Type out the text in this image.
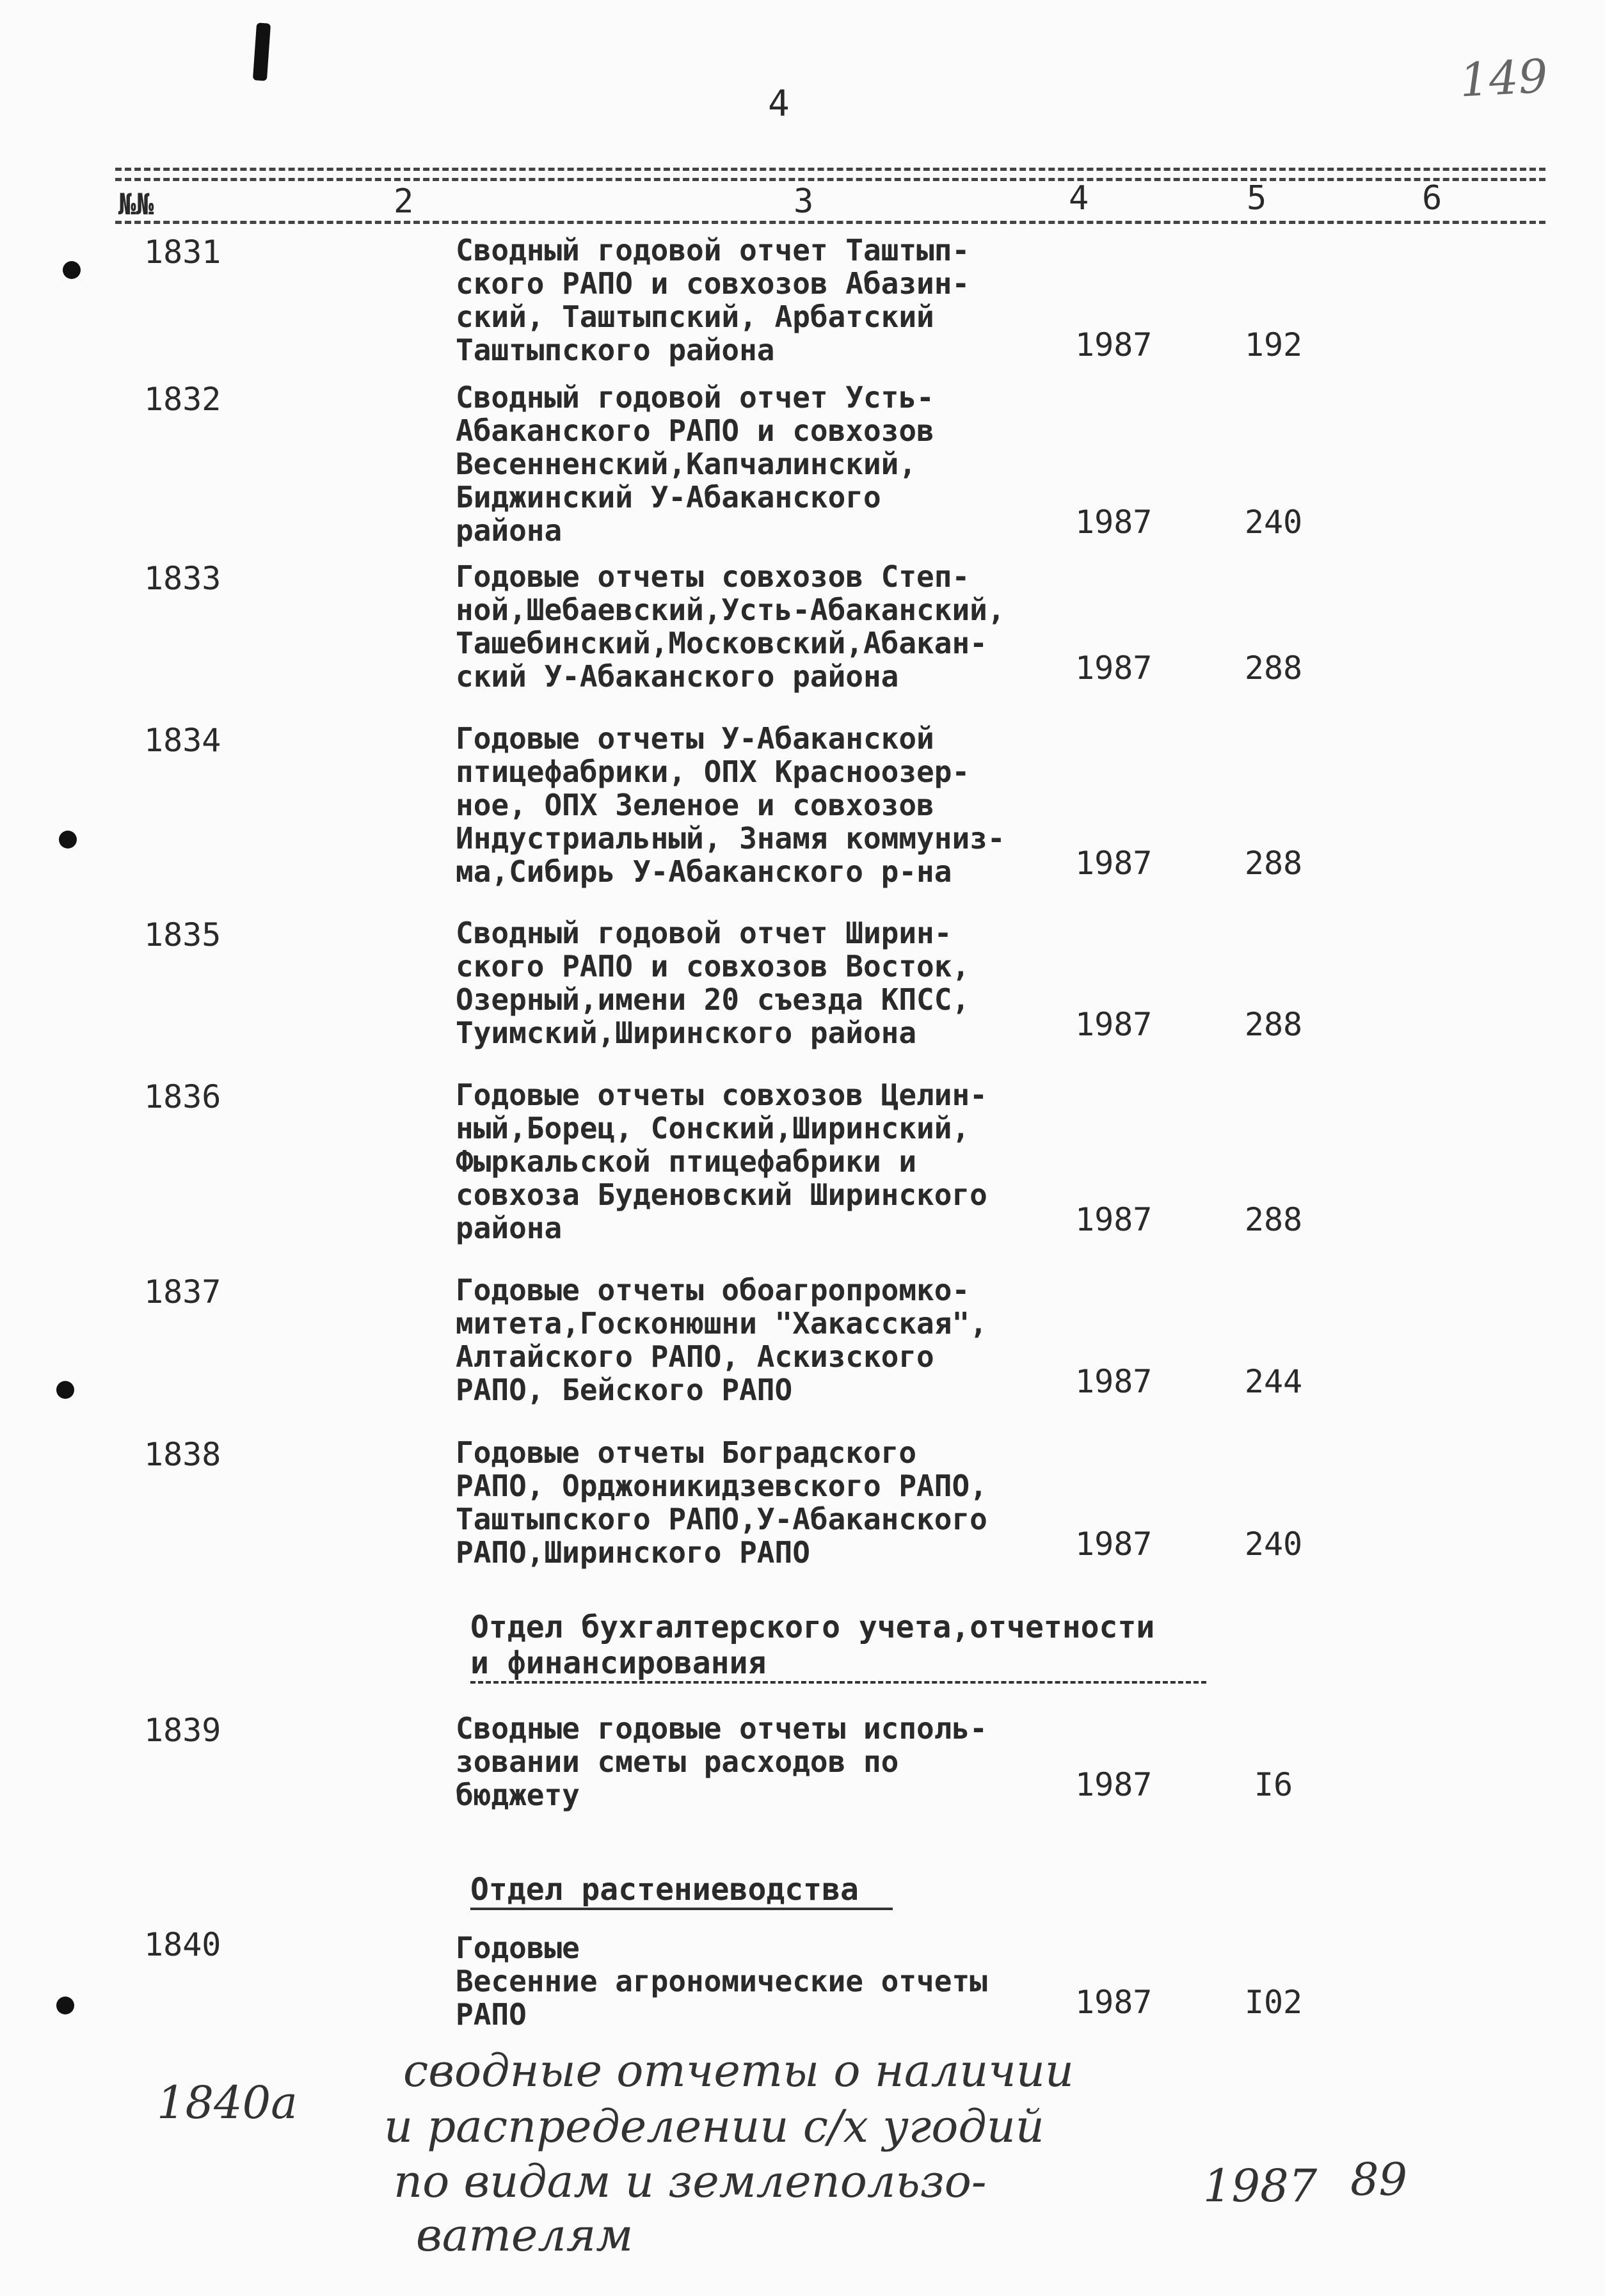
4	149
№№	2	3	4	5	6
1831	Сводный годовой отчет Таштып-
ского РАПО и совхозов Абазин-
ский, Таштыпский, Арбатский
Таштыпского района	1987	192
1832	Сводный годовой отчет Усть-
Абаканского РАПО и совхозов
Весенненский,Капчалинский,
Биджинский У-Абаканского
района	1987	240
1833	Годовые отчеты совхозов Степ-
ной,Шебаевский,Усть-Абаканский,
Ташебинский,Московский,Абакан-
ский У-Абаканского района	1987	288
1834	Годовые отчеты У-Абаканской
птицефабрики, ОПХ Красноозер-
ное, ОПХ Зеленое и совхозов
Индустриальный, Знамя коммуниз-
ма,Сибирь У-Абаканского р-на	1987	288
1835	Сводный годовой отчет Ширин-
ского РАПО и совхозов Восток,
Озерный,имени 20 съезда КПСС,
Туимский,Ширинского района	1987	288
1836	Годовые отчеты совхозов Целин-
ный,Борец, Сонский,Ширинский,
Фыркальской птицефабрики и
совхоза Буденовский Ширинского
района	1987	288
1837	Годовые отчеты обоагропромко-
митета,Госконюшни "Хакасская",
Алтайского РАПО, Аскизского
РАПО, Бейского РАПО	1987	244
1838	Годовые отчеты Боградского
РАПО, Орджоникидзевского РАПО,
Таштыпского РАПО,У-Абаканского
РАПО,Ширинского РАПО	1987	240
Отдел бухгалтерского учета,отчетности
и финансирования
1839	Сводные годовые отчеты исполь-
зовании сметы расходов по
бюджету	1987	I6
Отдел растениеводства
1840	Годовые
Весенние агрономические отчеты
РАПО	1987	I02
1840а
сводные отчеты о наличии
и распределении с/х угодий
по видам и землепользо-
вателям
1987 89
